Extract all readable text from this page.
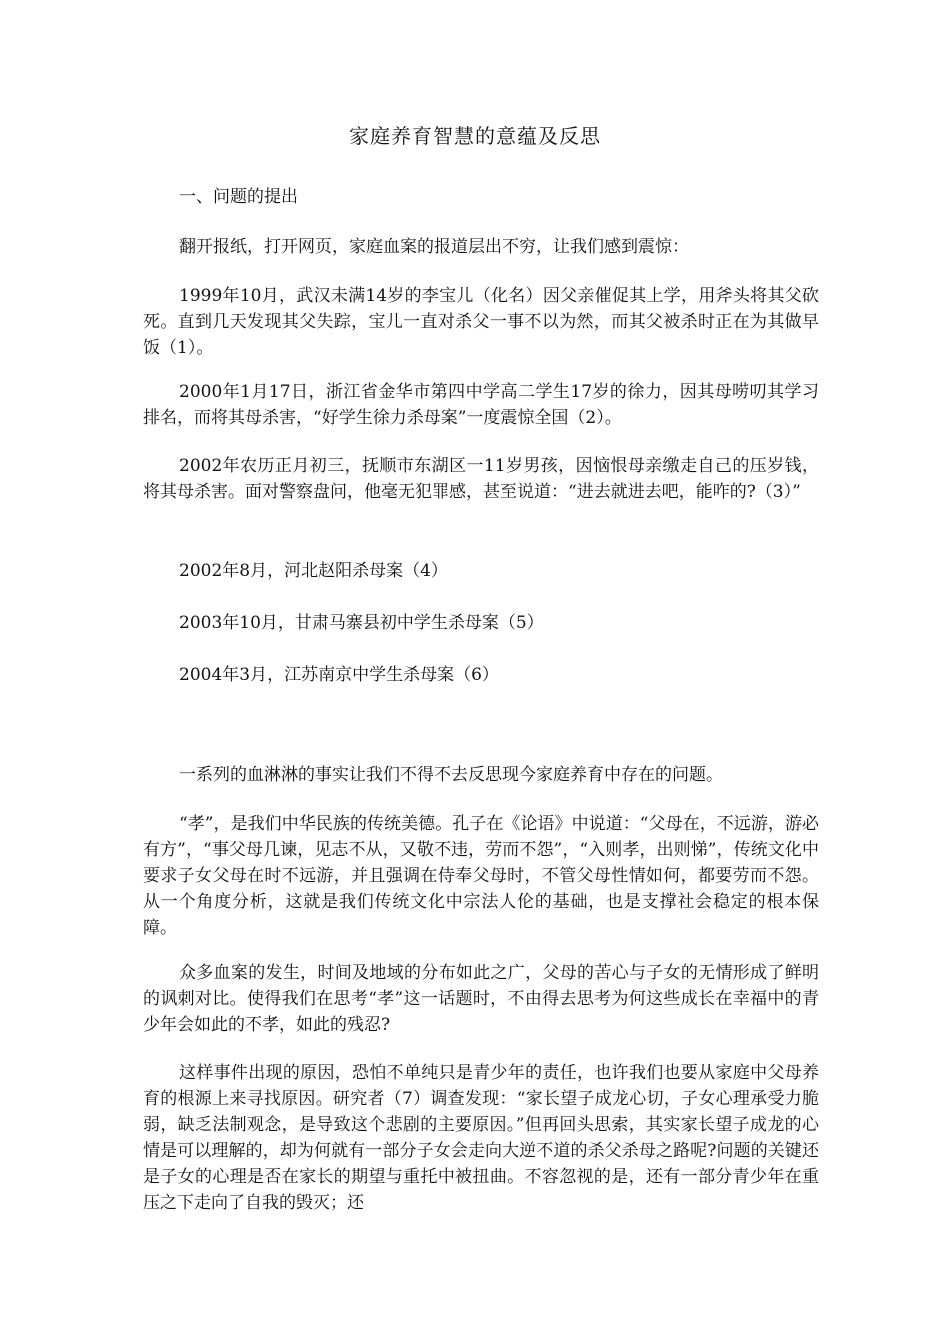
家庭养育智慧的意蕴及反思

一、问题的提出

翻开报纸，打开网页，家庭血案的报道层出不穷，让我们感到震惊：

1999年10月，武汉未满14岁的李宝儿（化名）因父亲催促其上学，用斧头将其父砍死。直到几天发现其父失踪，宝儿一直对杀父一事不以为然，而其父被杀时正在为其做早饭（1）。

2000年1月17日，浙江省金华市第四中学高二学生17岁的徐力，因其母唠叨其学习排名，而将其母杀害，“好学生徐力杀母案”一度震惊全国（2）。

2002年农历正月初三，抚顺市东湖区一11岁男孩，因恼恨母亲缴走自己的压岁钱，将其母杀害。面对警察盘问，他毫无犯罪感，甚至说道：“进去就进去吧，能咋的?（3）”

2002年8月，河北赵阳杀母案（4）

2003年10月，甘肃马寨县初中学生杀母案（5）

2004年3月，江苏南京中学生杀母案（6）

一系列的血淋淋的事实让我们不得不去反思现今家庭养育中存在的问题。

“孝”，是我们中华民族的传统美德。孔子在《论语》中说道：“父母在，不远游，游必有方”，“事父母几谏，见志不从，又敬不违，劳而不怨”，“入则孝，出则悌”，传统文化中要求子女父母在时不远游，并且强调在侍奉父母时，不管父母性情如何，都要劳而不怨。从一个角度分析，这就是我们传统文化中宗法人伦的基础，也是支撑社会稳定的根本保障。

众多血案的发生，时间及地域的分布如此之广，父母的苦心与子女的无情形成了鲜明的讽刺对比。使得我们在思考“孝”这一话题时，不由得去思考为何这些成长在幸福中的青少年会如此的不孝，如此的残忍?

这样事件出现的原因，恐怕不单纯只是青少年的责任，也许我们也要从家庭中父母养育的根源上来寻找原因。研究者（7）调查发现：“家长望子成龙心切，子女心理承受力脆弱，缺乏法制观念，是导致这个悲剧的主要原因。”但再回头思索，其实家长望子成龙的心情是可以理解的，却为何就有一部分子女会走向大逆不道的杀父杀母之路呢?问题的关键还是子女的心理是否在家长的期望与重托中被扭曲。不容忽视的是，还有一部分青少年在重压之下走向了自我的毁灭；还
